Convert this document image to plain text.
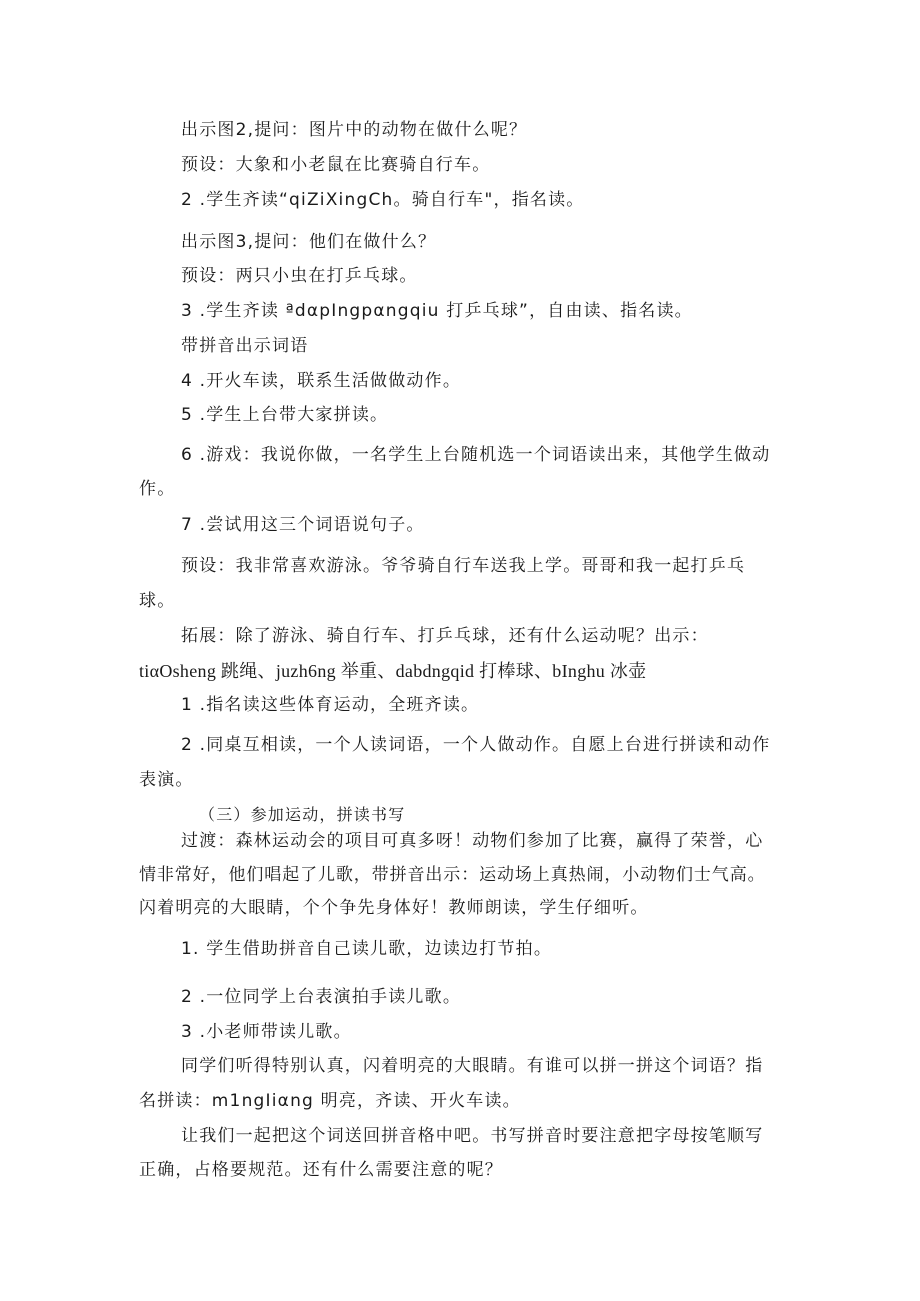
出示图2,提问：图片中的动物在做什么呢？
预设：大象和小老鼠在比赛骑自行车。
2 .学生齐读“qiZiXingCh。骑自行车"，指名读。
出示图3,提问：他们在做什么？
预设：两只小虫在打乒乓球。
3 .学生齐读 ªdαpIngpαngqiu 打乒乓球”，自由读、指名读。
带拼音出示词语
4 .开火车读，联系生活做做动作。
5 .学生上台带大家拼读。
6 .游戏：我说你做，一名学生上台随机选一个词语读出来，其他学生做动
作。
7 .尝试用这三个词语说句子。
预设：我非常喜欢游泳。爷爷骑自行车送我上学。哥哥和我一起打乒乓
球。
拓展：除了游泳、骑自行车、打乒乓球，还有什么运动呢？出示：
tiαOsheng 跳绳、juzh6ng 举重、dabdngqid 打棒球、bInghu 冰壶
1 .指名读这些体育运动，全班齐读。
2 .同桌互相读，一个人读词语，一个人做动作。自愿上台进行拼读和动作
表演。
（三）参加运动，拼读书写
过渡：森林运动会的项目可真多呀！动物们参加了比赛，赢得了荣誉，心
情非常好，他们唱起了儿歌，带拼音出示：运动场上真热闹，小动物们士气高。
闪着明亮的大眼睛，个个争先身体好！教师朗读，学生仔细听。
1. 学生借助拼音自己读儿歌，边读边打节拍。
2 .一位同学上台表演拍手读儿歌。
3 .小老师带读儿歌。
同学们听得特别认真，闪着明亮的大眼睛。有谁可以拼一拼这个词语？指
名拼读：m1ngIiαng 明亮，齐读、开火车读。
让我们一起把这个词送回拼音格中吧。书写拼音时要注意把字母按笔顺写
正确，占格要规范。还有什么需要注意的呢？
